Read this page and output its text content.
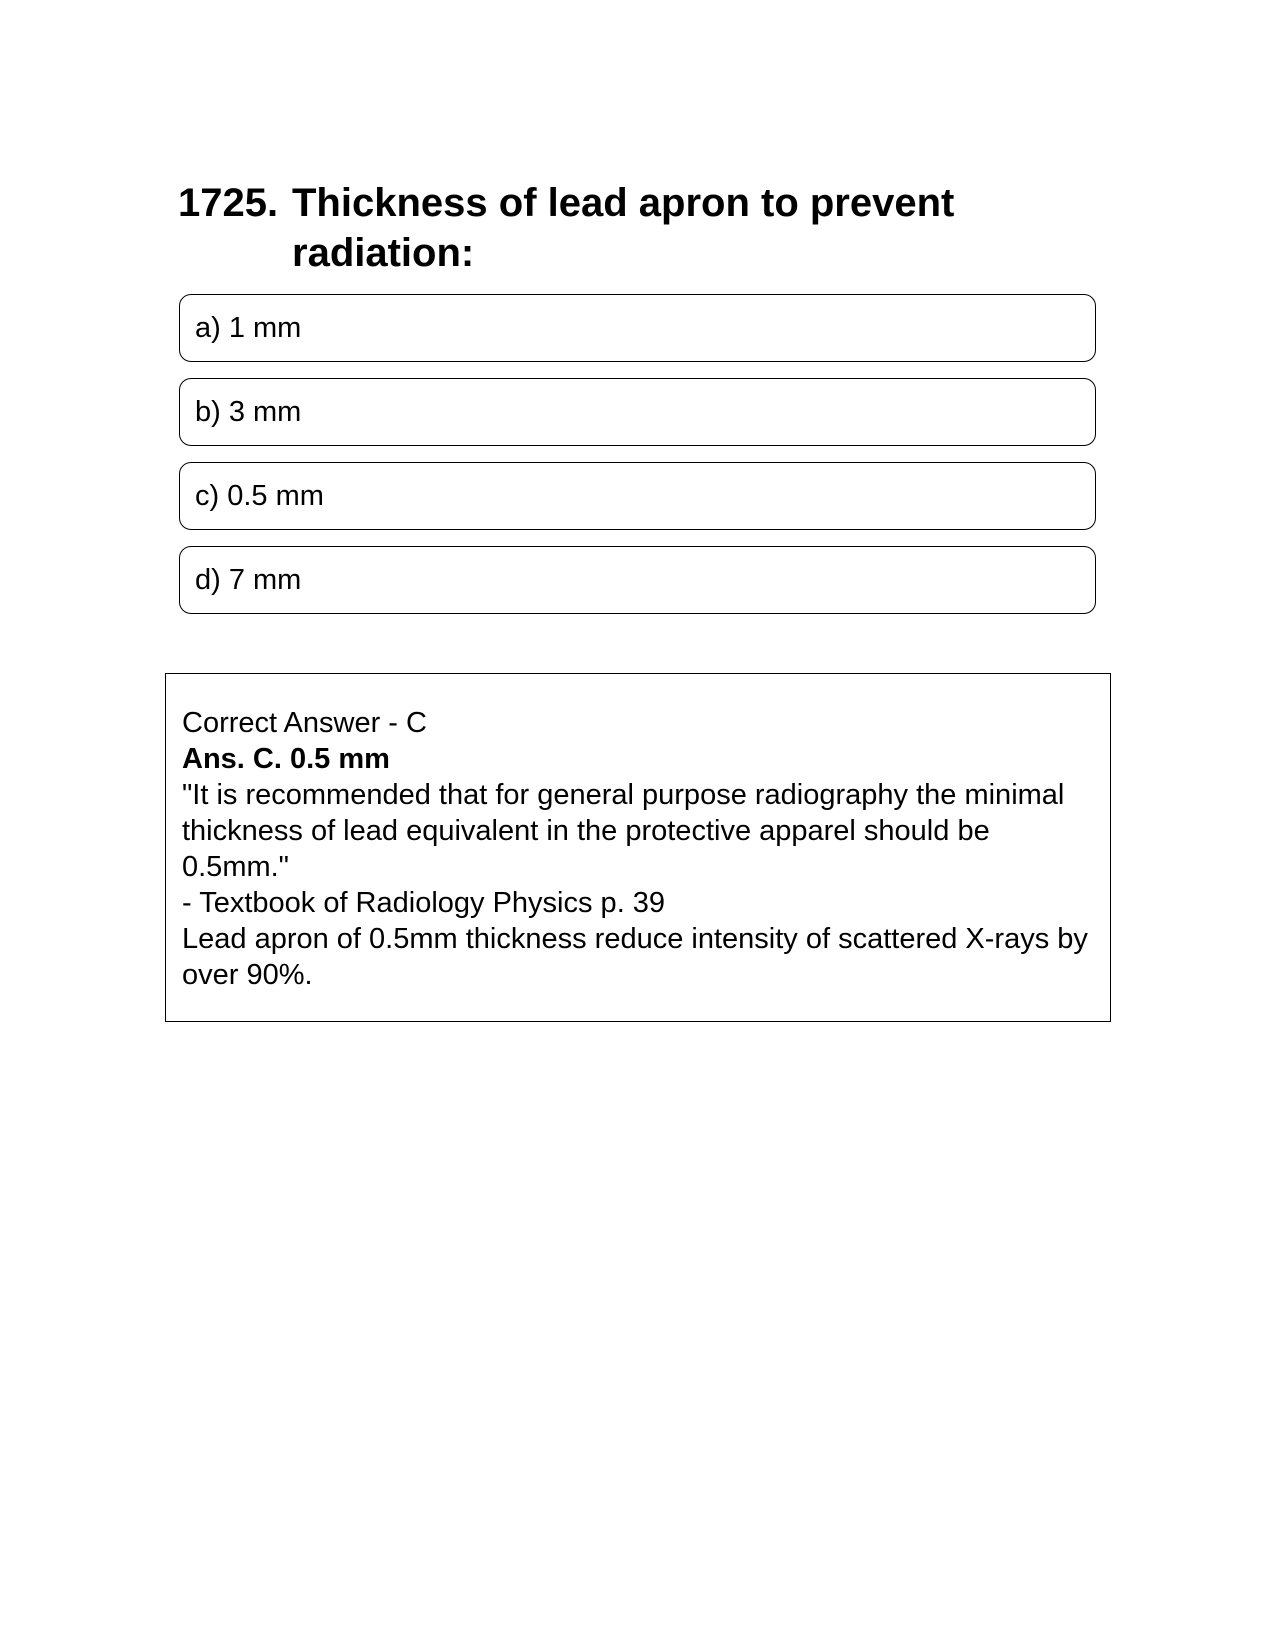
1725. Thickness of lead apron to prevent radiation:
a) 1 mm
b) 3 mm
c) 0.5 mm
d) 7 mm

Correct Answer - C

Ans. C. 0.5 mm

"It is recommended that for general purpose radiography the minimal thickness of lead equivalent in the protective apparel should be 0.5mm."

- Textbook of Radiology Physics p. 39

Lead apron of 0.5mm thickness reduce intensity of scattered X-rays by over 90%.
